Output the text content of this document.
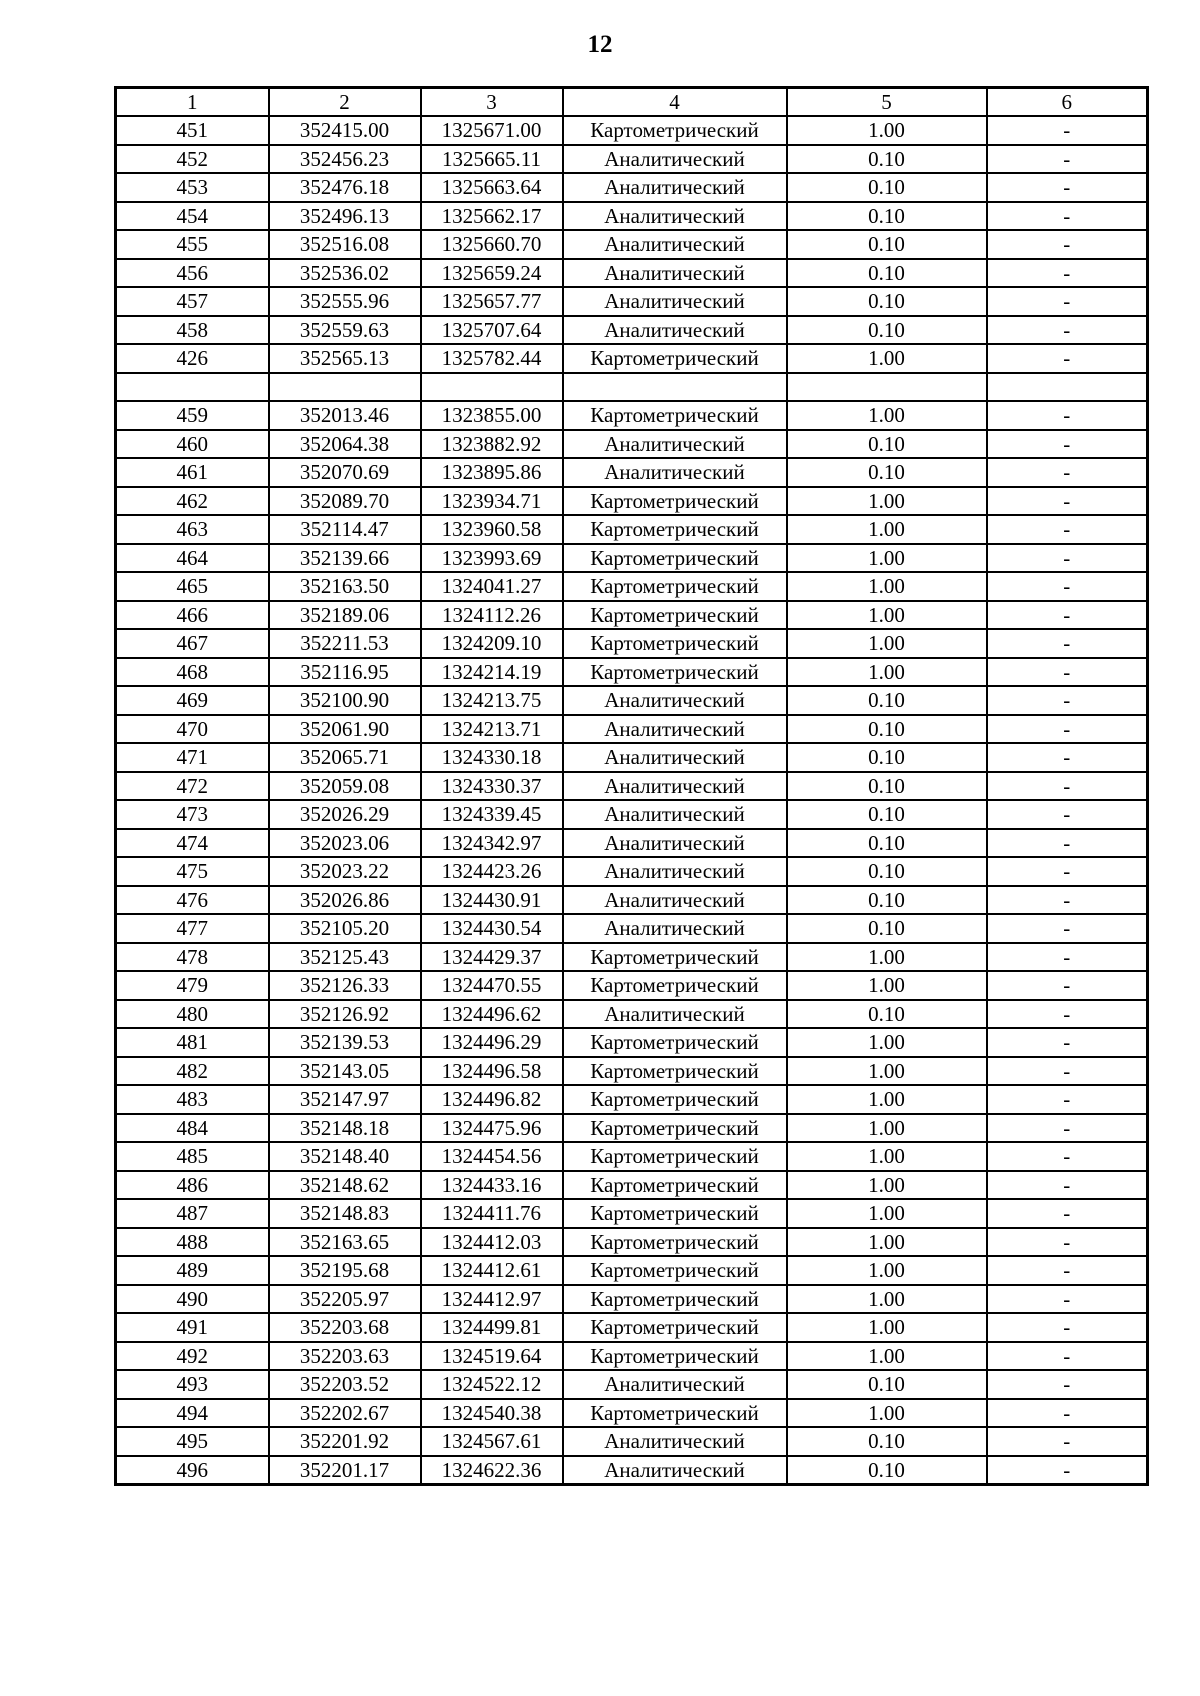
12
1	2	3	4	5	6
451	352415.00	1325671.00	Картометрический	1.00	-
452	352456.23	1325665.11	Аналитический	0.10	-
453	352476.18	1325663.64	Аналитический	0.10	-
454	352496.13	1325662.17	Аналитический	0.10	-
455	352516.08	1325660.70	Аналитический	0.10	-
456	352536.02	1325659.24	Аналитический	0.10	-
457	352555.96	1325657.77	Аналитический	0.10	-
458	352559.63	1325707.64	Аналитический	0.10	-
426	352565.13	1325782.44	Картометрический	1.00	-

459	352013.46	1323855.00	Картометрический	1.00	-
460	352064.38	1323882.92	Аналитический	0.10	-
461	352070.69	1323895.86	Аналитический	0.10	-
462	352089.70	1323934.71	Картометрический	1.00	-
463	352114.47	1323960.58	Картометрический	1.00	-
464	352139.66	1323993.69	Картометрический	1.00	-
465	352163.50	1324041.27	Картометрический	1.00	-
466	352189.06	1324112.26	Картометрический	1.00	-
467	352211.53	1324209.10	Картометрический	1.00	-
468	352116.95	1324214.19	Картометрический	1.00	-
469	352100.90	1324213.75	Аналитический	0.10	-
470	352061.90	1324213.71	Аналитический	0.10	-
471	352065.71	1324330.18	Аналитический	0.10	-
472	352059.08	1324330.37	Аналитический	0.10	-
473	352026.29	1324339.45	Аналитический	0.10	-
474	352023.06	1324342.97	Аналитический	0.10	-
475	352023.22	1324423.26	Аналитический	0.10	-
476	352026.86	1324430.91	Аналитический	0.10	-
477	352105.20	1324430.54	Аналитический	0.10	-
478	352125.43	1324429.37	Картометрический	1.00	-
479	352126.33	1324470.55	Картометрический	1.00	-
480	352126.92	1324496.62	Аналитический	0.10	-
481	352139.53	1324496.29	Картометрический	1.00	-
482	352143.05	1324496.58	Картометрический	1.00	-
483	352147.97	1324496.82	Картометрический	1.00	-
484	352148.18	1324475.96	Картометрический	1.00	-
485	352148.40	1324454.56	Картометрический	1.00	-
486	352148.62	1324433.16	Картометрический	1.00	-
487	352148.83	1324411.76	Картометрический	1.00	-
488	352163.65	1324412.03	Картометрический	1.00	-
489	352195.68	1324412.61	Картометрический	1.00	-
490	352205.97	1324412.97	Картометрический	1.00	-
491	352203.68	1324499.81	Картометрический	1.00	-
492	352203.63	1324519.64	Картометрический	1.00	-
493	352203.52	1324522.12	Аналитический	0.10	-
494	352202.67	1324540.38	Картометрический	1.00	-
495	352201.92	1324567.61	Аналитический	0.10	-
496	352201.17	1324622.36	Аналитический	0.10	-
